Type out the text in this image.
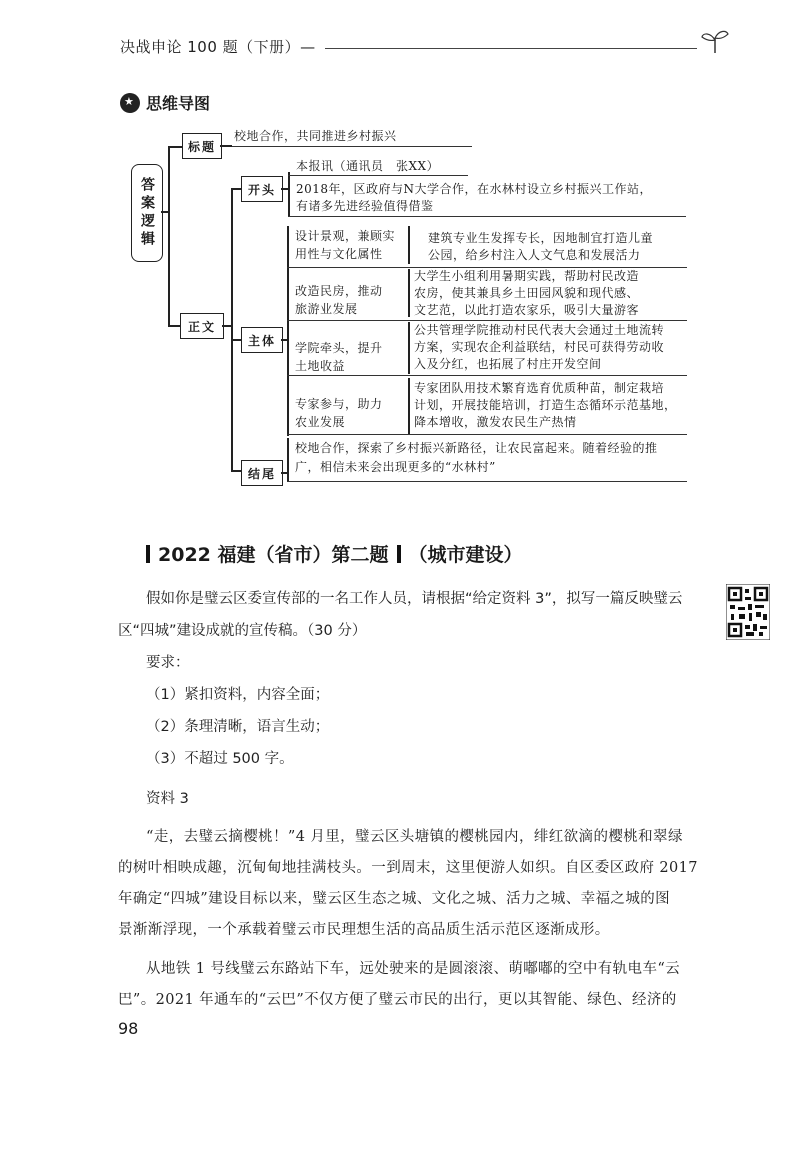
决战申论 100 题（下册）—
★
思维导图
答案逻辑
标题
校地合作，共同推进乡村振兴
正文
开头
本报讯（通讯员　张XX）
2018年，区政府与N大学合作，在水林村设立乡村振兴工作站，
有诸多先进经验值得借鉴
主体
设计景观，兼顾实
用性与文化属性
建筑专业生发挥专长，因地制宜打造儿童
公园，给乡村注入人文气息和发展活力
改造民房，推动
旅游业发展
大学生小组利用暑期实践，帮助村民改造
农房，使其兼具乡土田园风貌和现代感、
文艺范，以此打造农家乐，吸引大量游客
学院牵头，提升
土地收益
公共管理学院推动村民代表大会通过土地流转
方案，实现农企利益联结，村民可获得劳动收
入及分红，也拓展了村庄开发空间
专家参与，助力
农业发展
专家团队用技术繁育选育优质种苗，制定栽培
计划，开展技能培训，打造生态循环示范基地，
降本增收，激发农民生产热情
结尾
校地合作，探索了乡村振兴新路径，让农民富起来。随着经验的推
广，相信未来会出现更多的“水林村”
2022 福建（省市）第二题 （城市建设）
假如你是璧云区委宣传部的一名工作人员，请根据“给定资料 3”，拟写一篇反映璧云
区“四城”建设成就的宣传稿。（30 分）
要求：
（1）紧扣资料，内容全面；
（2）条理清晰，语言生动；
（3）不超过 500 字。
资料 3
“走，去璧云摘樱桃！”4 月里，璧云区头塘镇的樱桃园内，绯红欲滴的樱桃和翠绿
的树叶相映成趣，沉甸甸地挂满枝头。一到周末，这里便游人如织。自区委区政府 2017
年确定“四城”建设目标以来，璧云区生态之城、文化之城、活力之城、幸福之城的图
景渐渐浮现，一个承载着璧云市民理想生活的高品质生活示范区逐渐成形。
从地铁 1 号线璧云东路站下车，远处驶来的是圆滚滚、萌嘟嘟的空中有轨电车“云
巴”。2021 年通车的“云巴”不仅方便了璧云市民的出行，更以其智能、绿色、经济的
98
